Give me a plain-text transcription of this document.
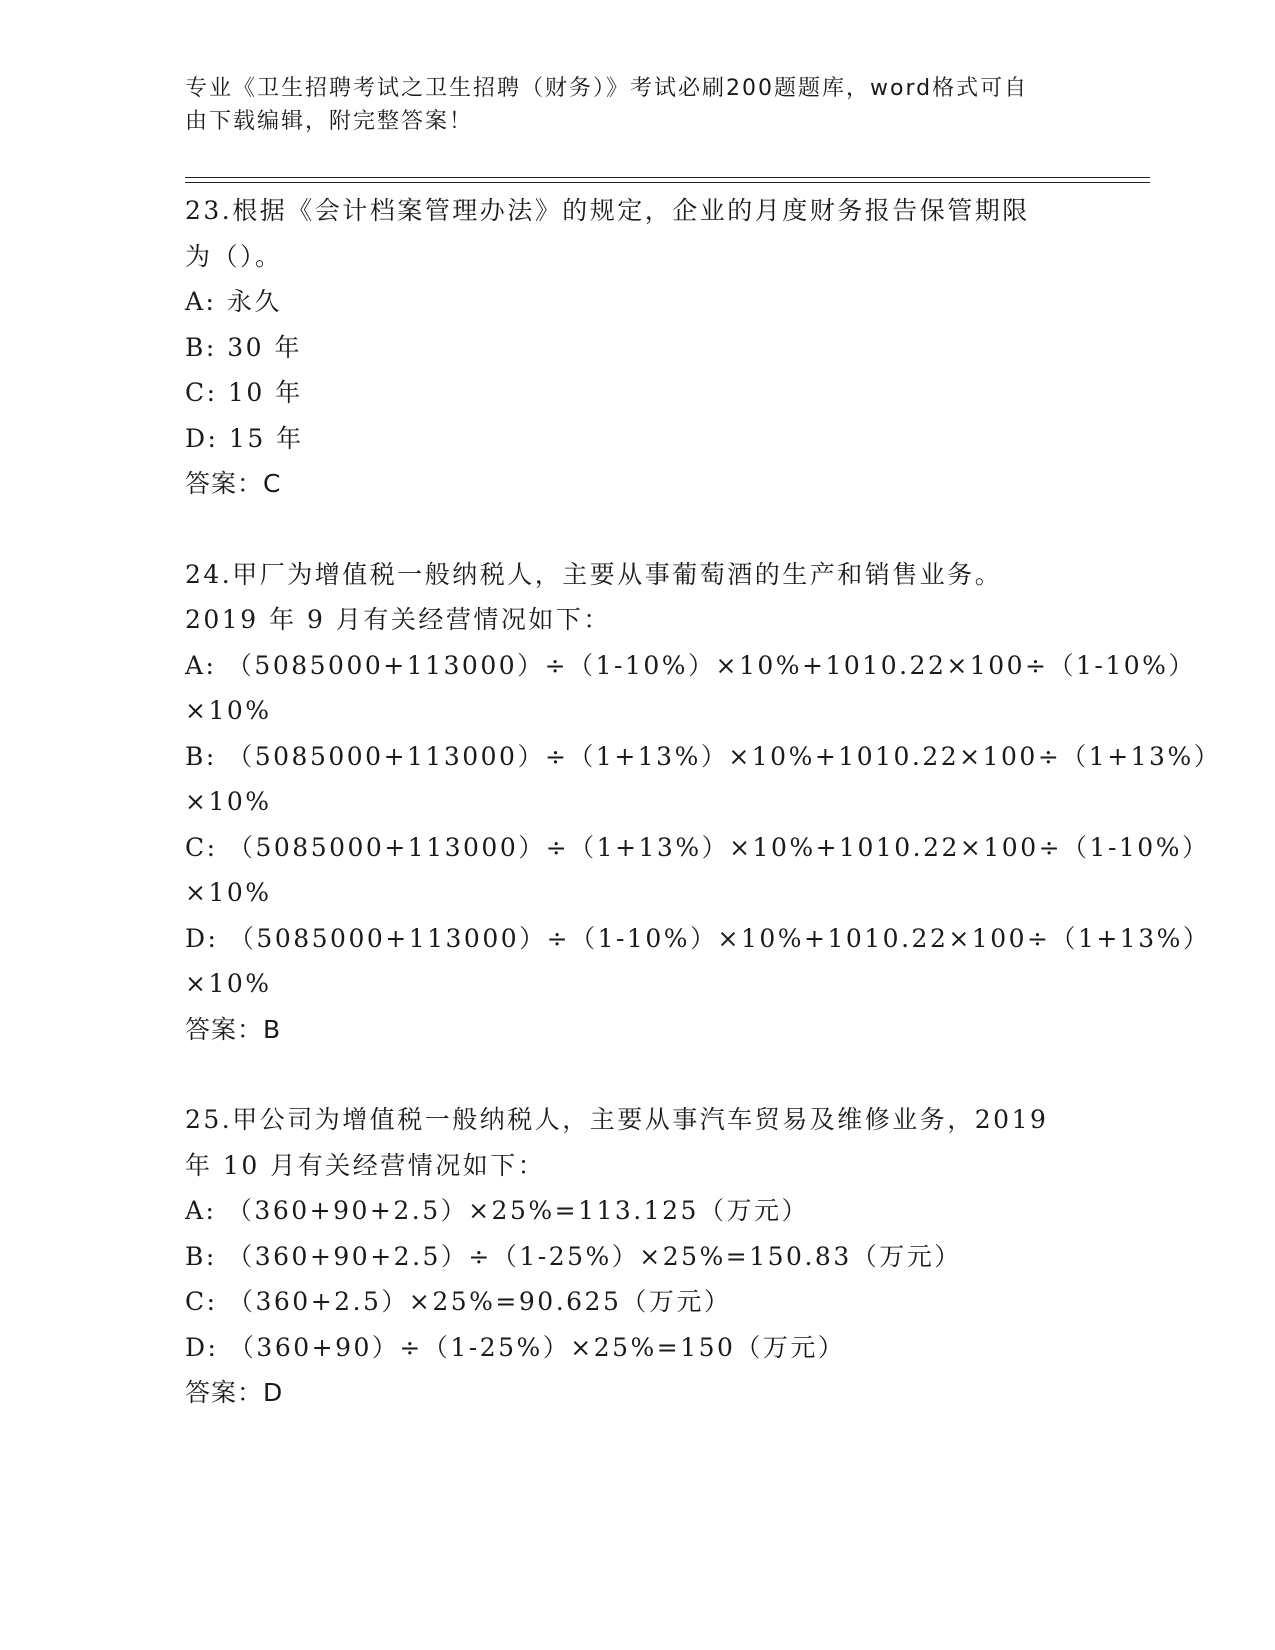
专业《卫生招聘考试之卫生招聘（财务）》考试必刷200题题库，word格式可自
由下载编辑，附完整答案！
23.根据《会计档案管理办法》的规定，企业的月度财务报告保管期限
为（）。
A: 永久
B: 30 年
C: 10 年
D: 15 年
答案：C
24.甲厂为增值税一般纳税人，主要从事葡萄酒的生产和销售业务。
2019 年 9 月有关经营情况如下：
A: （5085000+113000）÷（1-10%）×10%+1010.22×100÷（1-10%）
×10%
B: （5085000+113000）÷（1+13%）×10%+1010.22×100÷（1+13%）
×10%
C: （5085000+113000）÷（1+13%）×10%+1010.22×100÷（1-10%）
×10%
D: （5085000+113000）÷（1-10%）×10%+1010.22×100÷（1+13%）
×10%
答案：B
25.甲公司为增值税一般纳税人，主要从事汽车贸易及维修业务，2019
年 10 月有关经营情况如下：
A: （360+90+2.5）×25%=113.125（万元）
B: （360+90+2.5）÷（1-25%）×25%=150.83（万元）
C: （360+2.5）×25%=90.625（万元）
D: （360+90）÷（1-25%）×25%=150（万元）
答案：D
